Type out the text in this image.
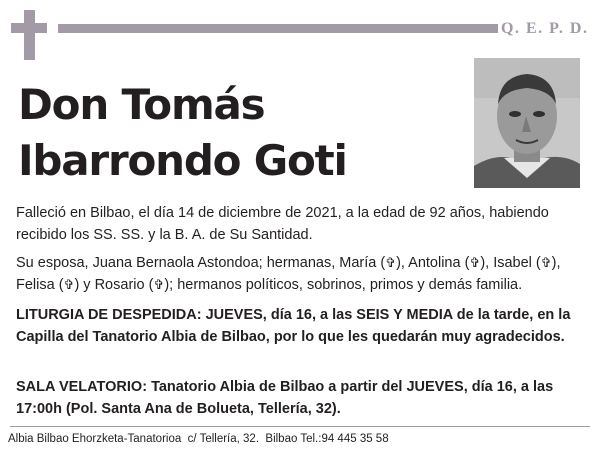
Q. E. P. D.
Don Tomás
Ibarrondo Goti
Falleció en Bilbao, el día 14 de diciembre de 2021, a la edad de 92 años, habiendo recibido los SS. SS. y la B. A. de Su Santidad.
Su esposa, Juana Bernaola Astondoa; hermanas, María (✞), Antolina (✞), Isabel (✞), Felisa (✞) y Rosario (✞); hermanos políticos, sobrinos, primos y demás familia.
LITURGIA DE DESPEDIDA: JUEVES, día 16, a las SEIS Y MEDIA de la tarde, en la Capilla del Tanatorio Albia de Bilbao, por lo que les quedarán muy agradecidos.
SALA VELATORIO: Tanatorio Albia de Bilbao a partir del JUEVES, día 16, a las 17:00h (Pol. Santa Ana de Bolueta, Tellería, 32).
Albia Bilbao Ehorzketa-Tanatorioa  c/ Tellería, 32.  Bilbao Tel.:94 445 35 58
